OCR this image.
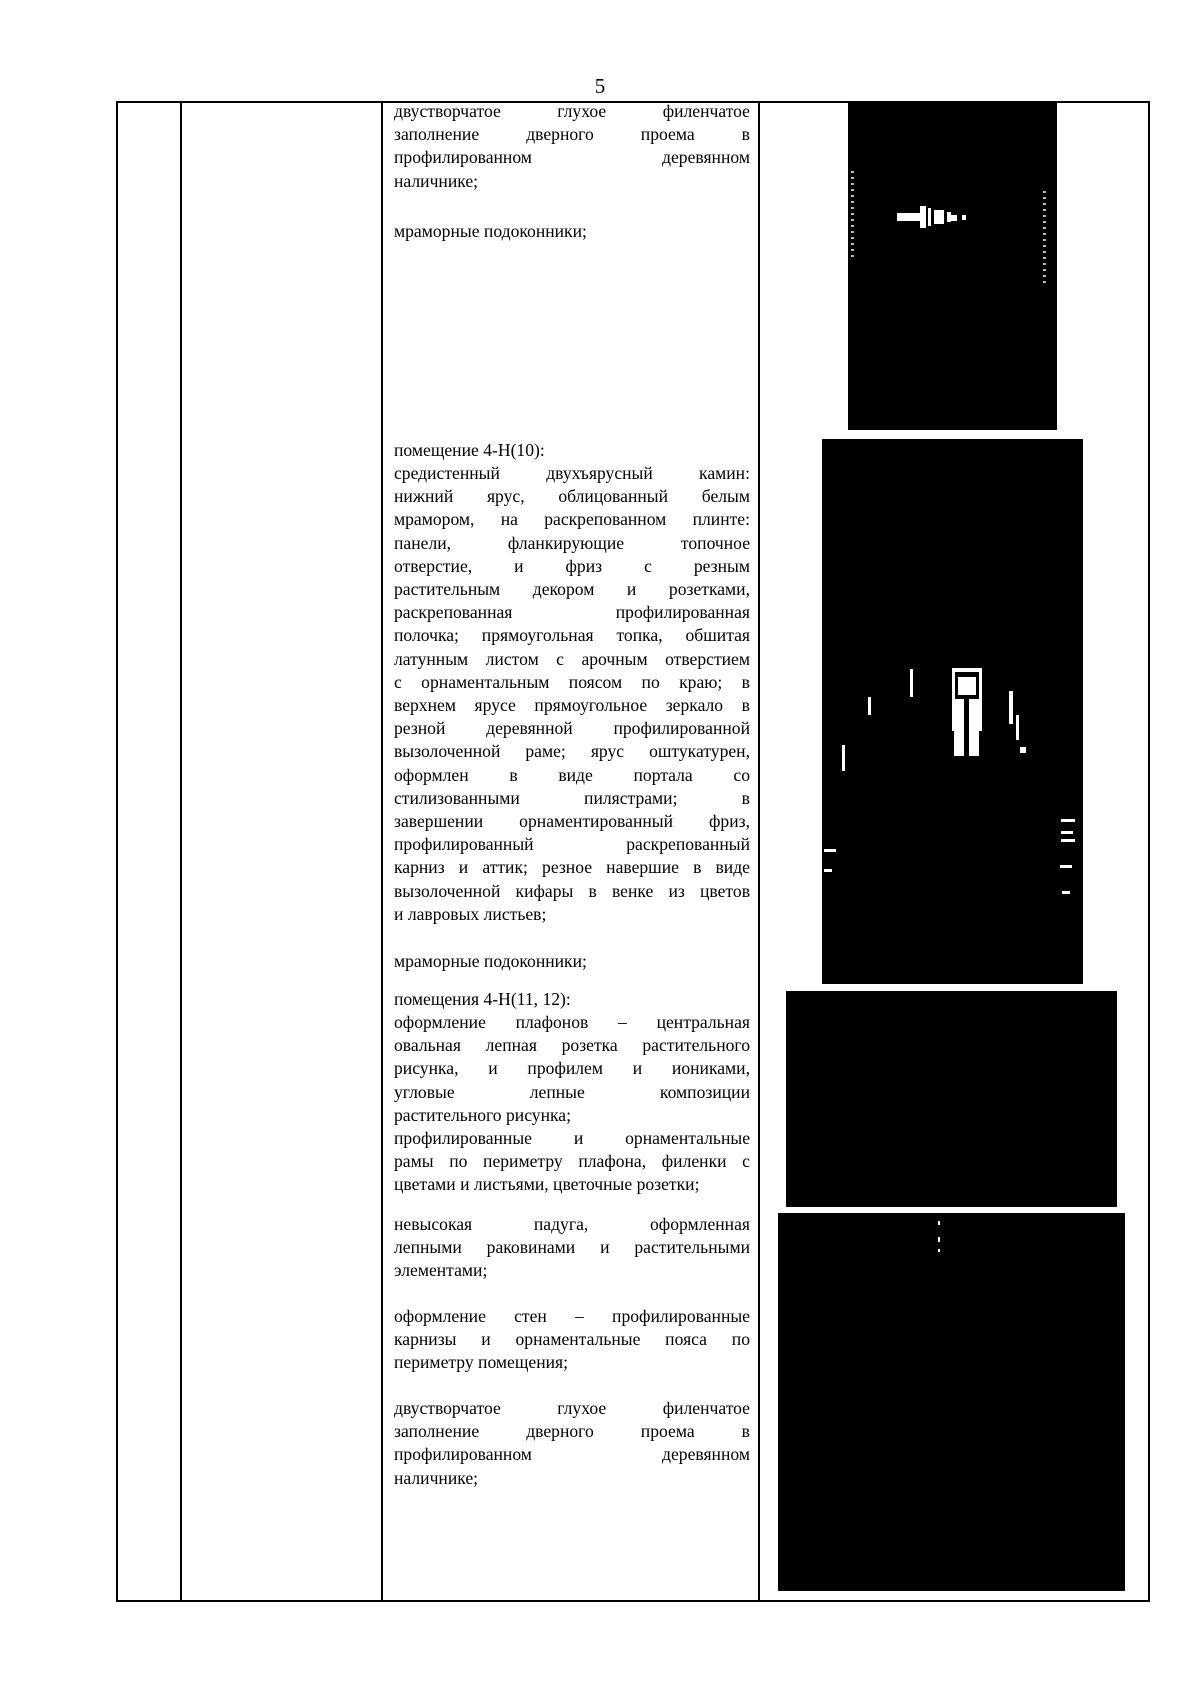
5
двустворчатое глухое филенчатое
заполнение дверного проема в
профилированном деревянном
наличнике;
мраморные подоконники;
помещение 4-Н(10):
средистенный двухъярусный камин:
нижний ярус, облицованный белым
мрамором, на раскрепованном плинте:
панели, фланкирующие топочное
отверстие, и фриз с резным
растительным декором и розетками,
раскрепованная профилированная
полочка; прямоугольная топка, обшитая
латунным листом с арочным отверстием
с орнаментальным поясом по краю; в
верхнем ярусе прямоугольное зеркало в
резной деревянной профилированной
вызолоченной раме; ярус оштукатурен,
оформлен в виде портала со
стилизованными пилястрами; в
завершении орнаментированный фриз,
профилированный раскрепованный
карниз и аттик; резное навершие в виде
вызолоченной кифары в венке из цветов
и лавровых листьев;
мраморные подоконники;
помещения 4-Н(11, 12):
оформление плафонов – центральная
овальная лепная розетка растительного
рисунка, и профилем и иониками,
угловые лепные композиции
растительного рисунка;
профилированные и орнаментальные
рамы по периметру плафона, филенки с
цветами и листьями, цветочные розетки;
невысокая падуга, оформленная
лепными раковинами и растительными
элементами;
оформление стен – профилированные
карнизы и орнаментальные пояса по
периметру помещения;
двустворчатое глухое филенчатое
заполнение дверного проема в
профилированном деревянном
наличнике;
